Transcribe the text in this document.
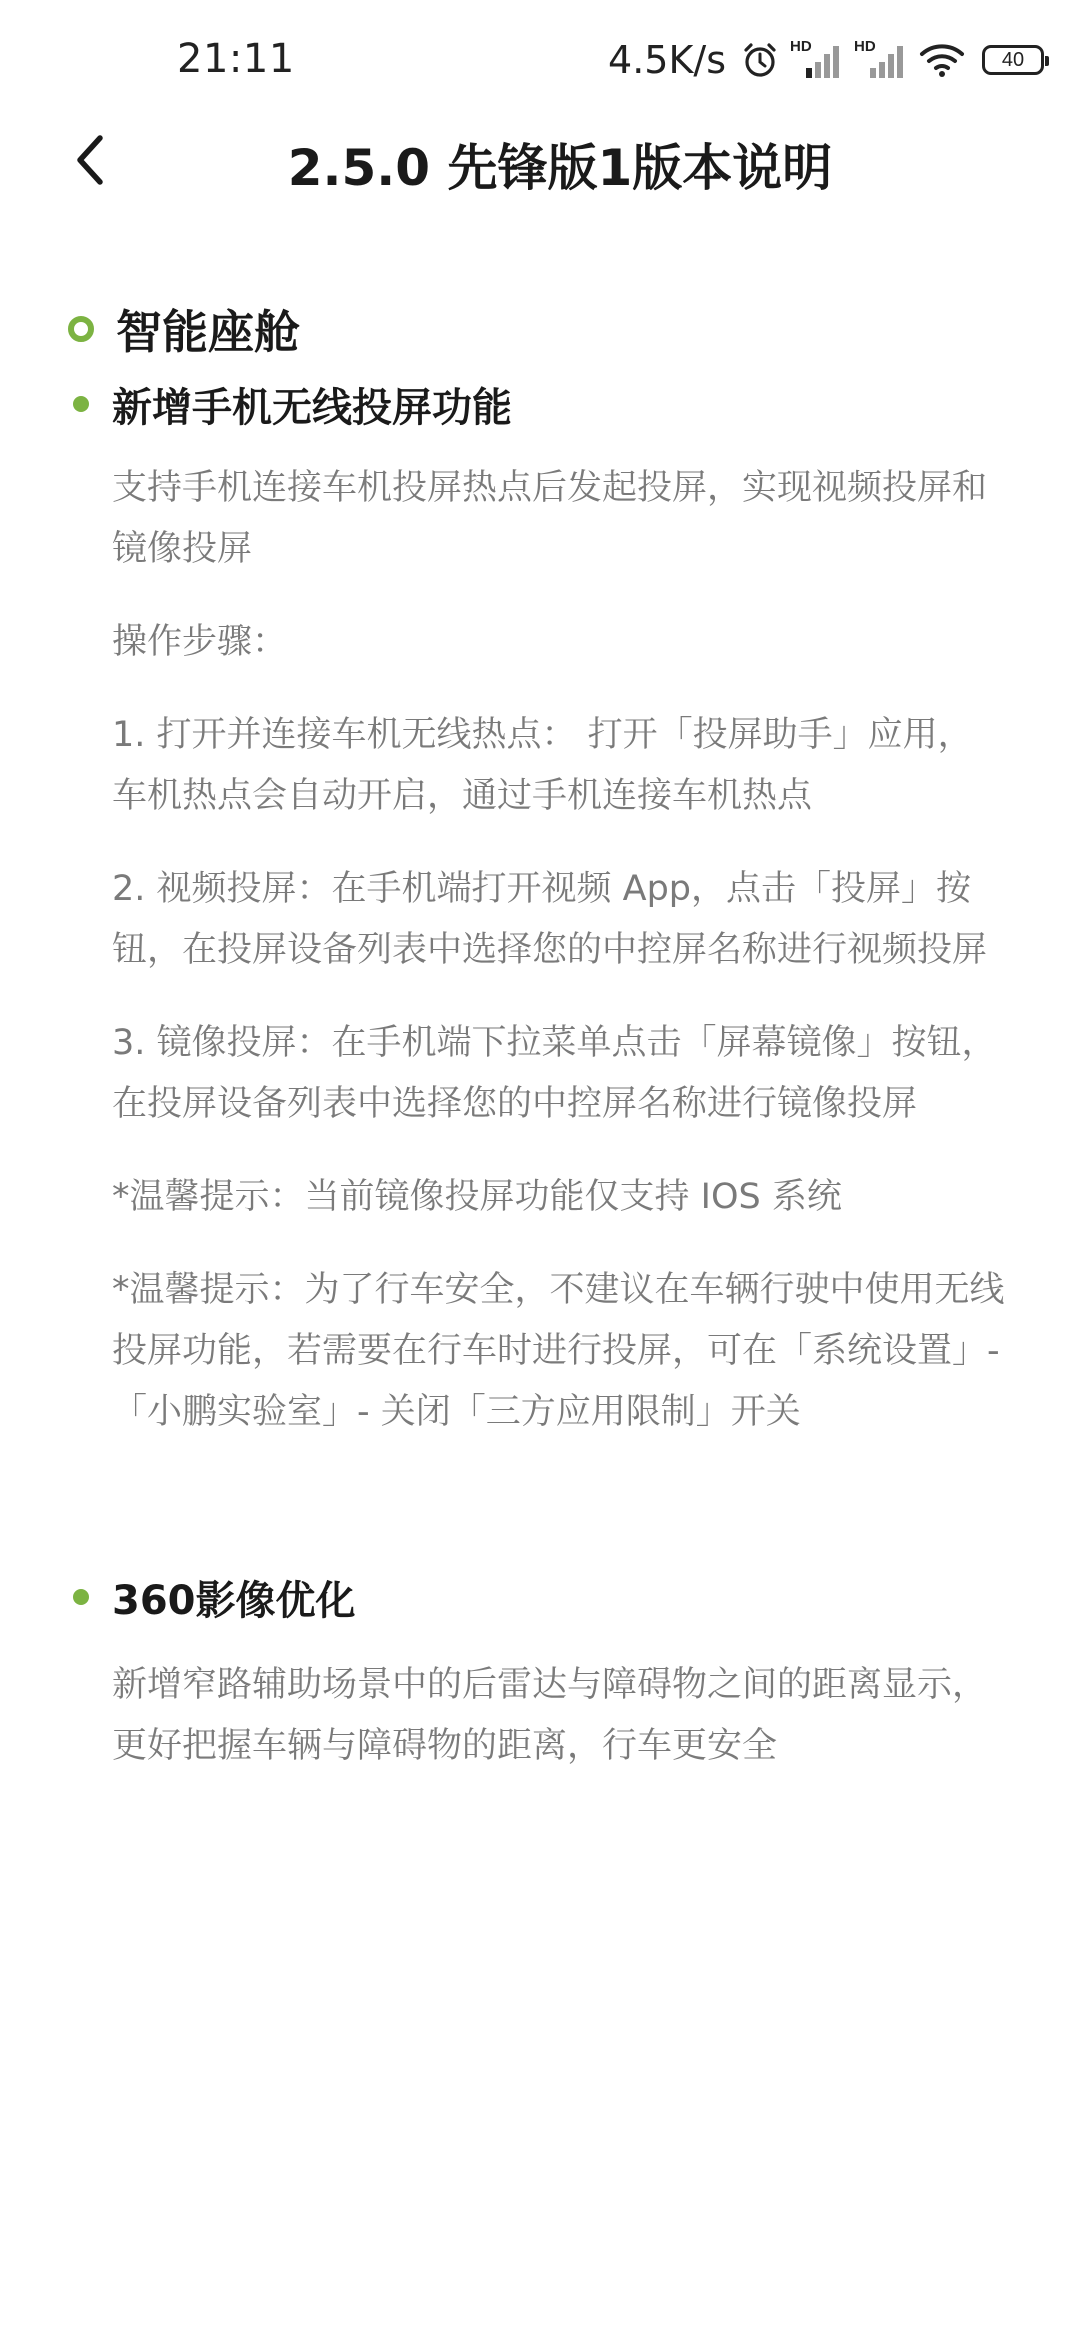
21:11	4.5K/s	HD	HD
40
2.5.0 先锋版1版本说明
智能座舱
新增手机无线投屏功能

支持手机连接车机投屏热点后发起投屏，实现视频投屏和镜像投屏

操作步骤：

1. 打开并连接车机无线热点： 打开「投屏助手」应用，车机热点会自动开启，通过手机连接车机热点

2. 视频投屏：在手机端打开视频 App，点击「投屏」按钮，在投屏设备列表中选择您的中控屏名称进行视频投屏

3. 镜像投屏：在手机端下拉菜单点击「屏幕镜像」按钮，在投屏设备列表中选择您的中控屏名称进行镜像投屏

*温馨提示：当前镜像投屏功能仅支持 IOS 系统

*温馨提示：为了行车安全，不建议在车辆行驶中使用无线投屏功能，若需要在行车时进行投屏，可在「系统设置」-「小鹏实验室」- 关闭「三方应用限制」开关

360影像优化

新增窄路辅助场景中的后雷达与障碍物之间的距离显示，更好把握车辆与障碍物的距离，行车更安全
